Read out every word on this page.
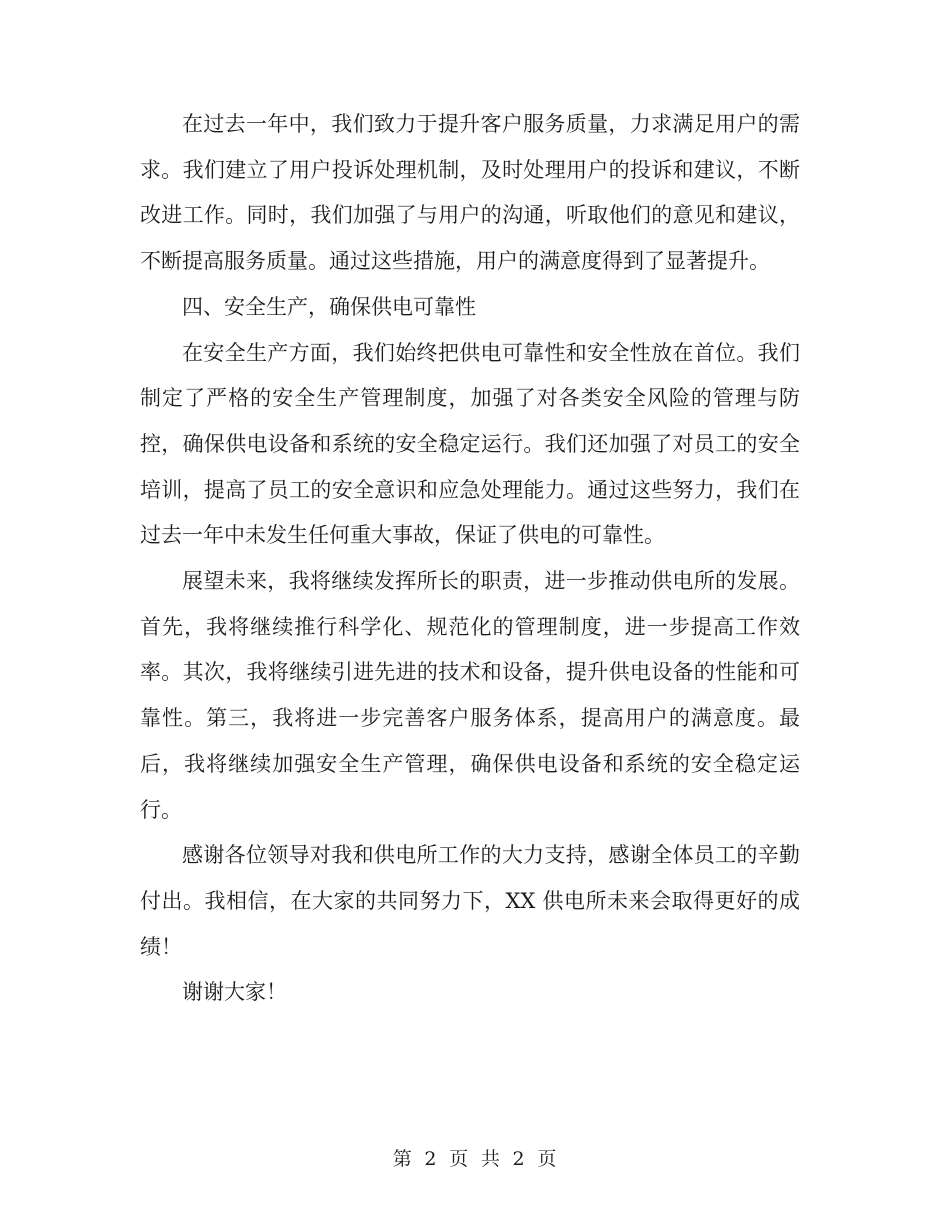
在过去一年中，我们致力于提升客户服务质量，力求满足用户的需求。我们建立了用户投诉处理机制，及时处理用户的投诉和建议，不断改进工作。同时，我们加强了与用户的沟通，听取他们的意见和建议，不断提高服务质量。通过这些措施，用户的满意度得到了显著提升。

四、安全生产，确保供电可靠性

在安全生产方面，我们始终把供电可靠性和安全性放在首位。我们制定了严格的安全生产管理制度，加强了对各类安全风险的管理与防控，确保供电设备和系统的安全稳定运行。我们还加强了对员工的安全培训，提高了员工的安全意识和应急处理能力。通过这些努力，我们在过去一年中未发生任何重大事故，保证了供电的可靠性。

展望未来，我将继续发挥所长的职责，进一步推动供电所的发展。首先，我将继续推行科学化、规范化的管理制度，进一步提高工作效率。其次，我将继续引进先进的技术和设备，提升供电设备的性能和可靠性。第三，我将进一步完善客户服务体系，提高用户的满意度。最后，我将继续加强安全生产管理，确保供电设备和系统的安全稳定运行。

感谢各位领导对我和供电所工作的大力支持，感谢全体员工的辛勤付出。我相信，在大家的共同努力下，XX 供电所未来会取得更好的成绩！

谢谢大家！

第 2 页 共 2 页
